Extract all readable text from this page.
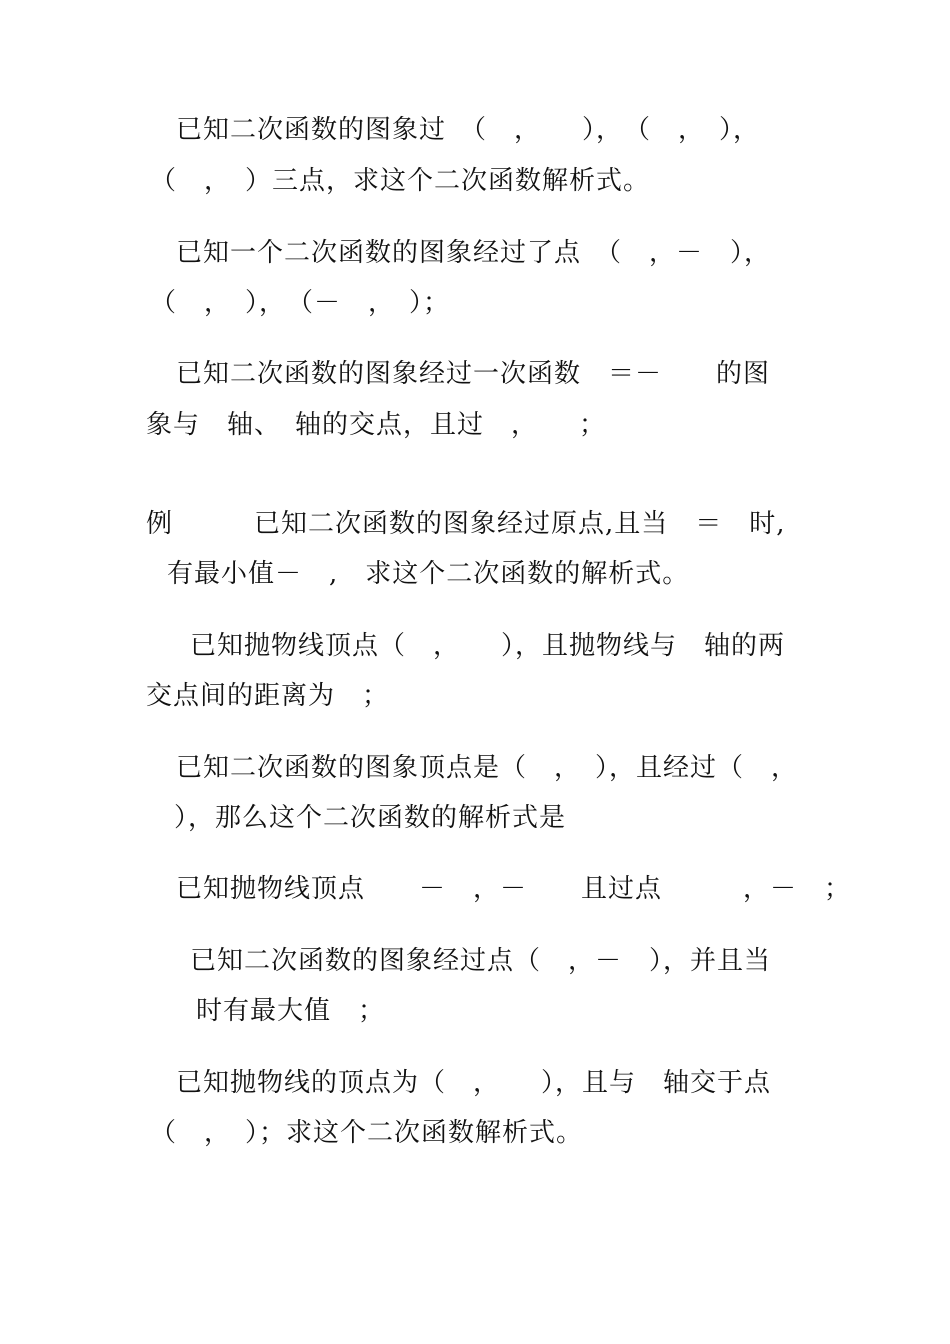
已知二次函数的图象过　（　，　　），　（　，　），
（　，　）三点，求这个二次函数解析式。
已知一个二次函数的图象经过了点　（　，－　），
（　，　），　（－　，　）；
已知二次函数的图象经过一次函数　＝－　　的图
象与　轴、　轴的交点，且过　，　　；
例　　　已知二次函数的图象经过原点,且当　＝　时,
有最小值－　,　求这个二次函数的解析式。
已知抛物线顶点（　，　　），且抛物线与　轴的两
交点间的距离为　；
已知二次函数的图象顶点是（　，　），且经过（　，
），那么这个二次函数的解析式是
已知抛物线顶点　　－　，－　　且过点　　　，－　；
已知二次函数的图象经过点（　，－　），并且当
时有最大值　；
已知抛物线的顶点为（　，　　），且与　轴交于点
（　，　）；求这个二次函数解析式。
